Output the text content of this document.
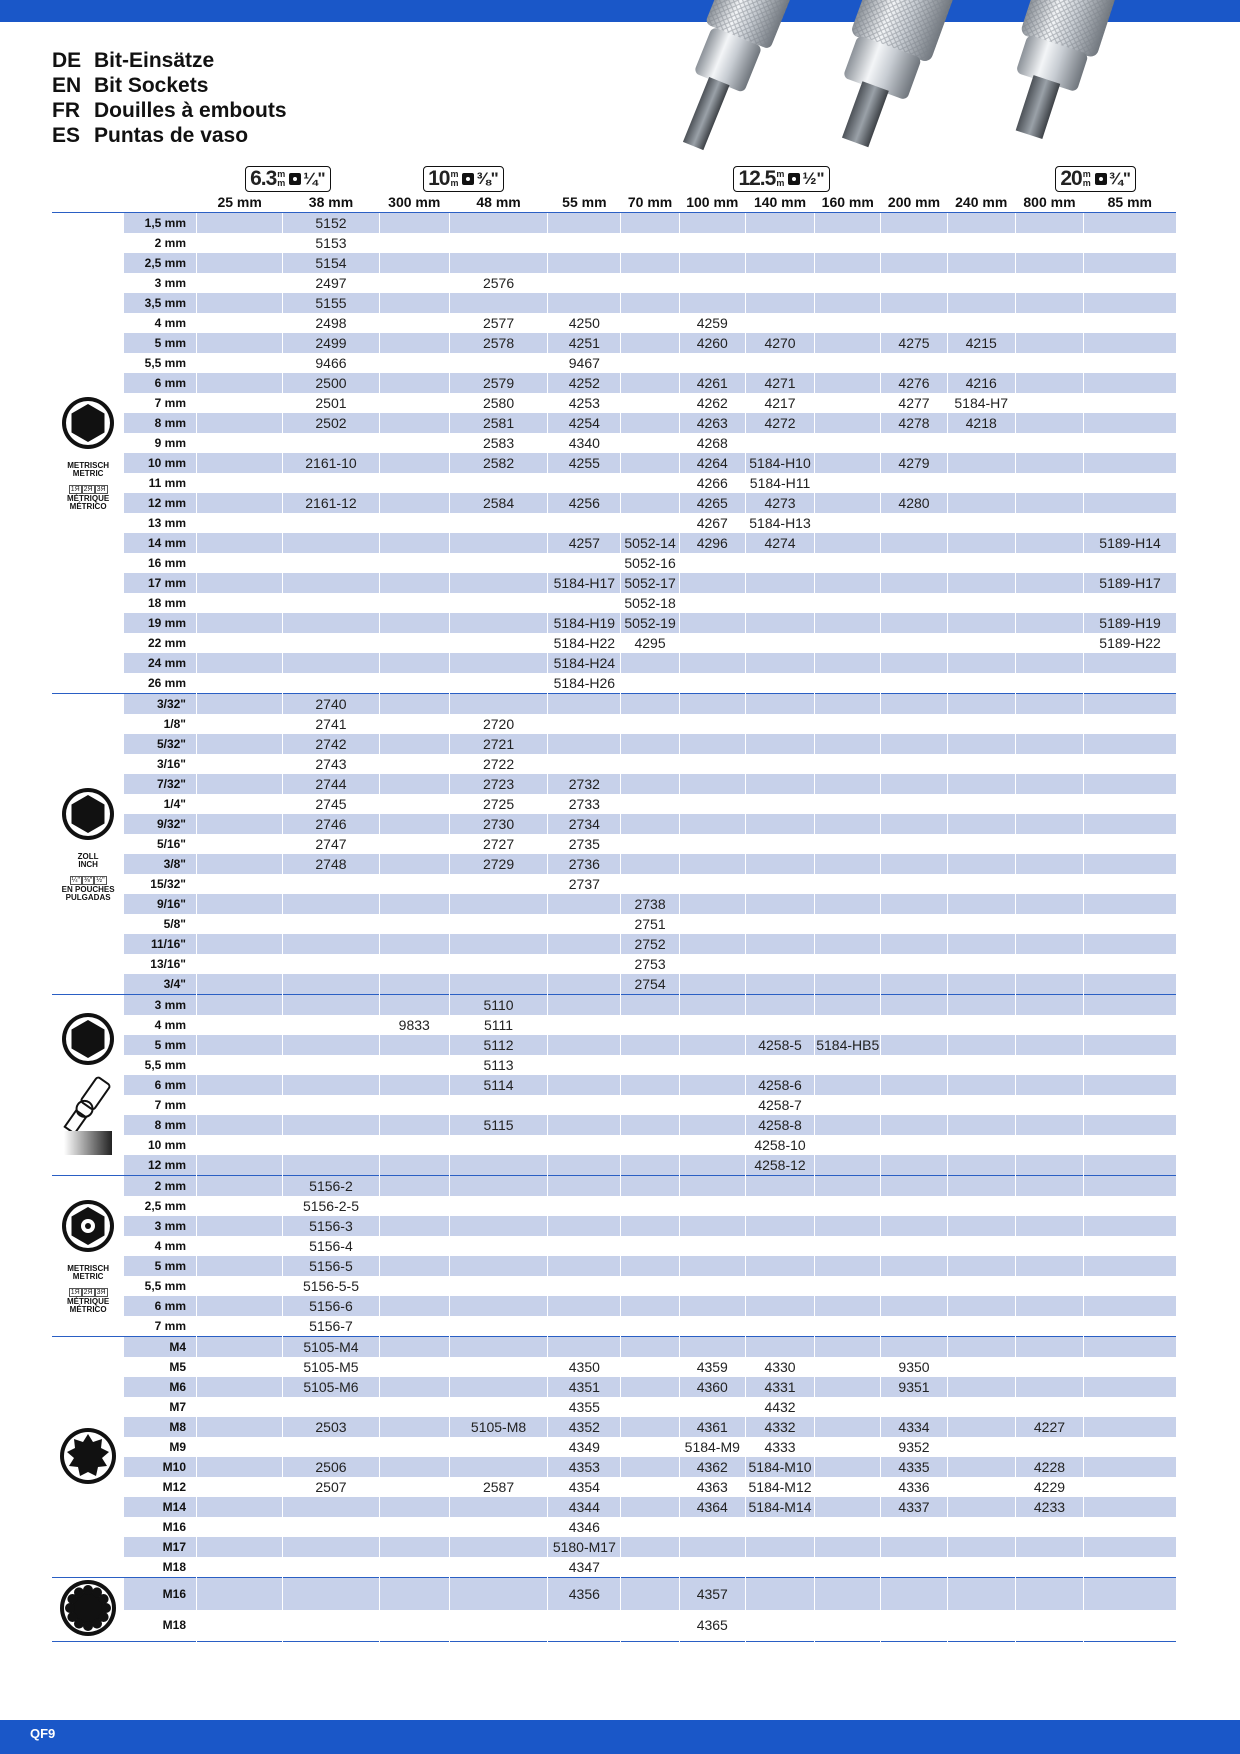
DE Bit-Einsätze
EN Bit Sockets
FR Douilles à embouts
ES Puntas de vaso

		6.3 m
m ¼"		10 m
m ⅜"		12.5 m
m ½"							20 m
m ¾"	

		25 mm	38 mm	300 mm	48 mm	55 mm	70 mm	100 mm	140 mm	160 mm	200 mm	240 mm	800 mm	85 mm

METRISCH
METRIC
1Я 2Я 3Я
MÉTRIQUE
MÉTRICO	1,5 mm		5152											
	2 mm		5153											
	2,5 mm		5154											
	3 mm		2497		2576									
	3,5 mm		5155											
	4 mm		2498		2577	4250		4259						
	5 mm		2499		2578	4251		4260	4270		4275	4215		
	5,5 mm		9466			9467								
	6 mm		2500		2579	4252		4261	4271		4276	4216		
	7 mm		2501		2580	4253		4262	4217		4277	5184-H7		
	8 mm		2502		2581	4254		4263	4272		4278	4218		
	9 mm				2583	4340		4268						
	10 mm		2161-10		2582	4255		4264	5184-H10		4279			
	11 mm							4266	5184-H11					
	12 mm		2161-12		2584	4256		4265	4273		4280			
	13 mm							4267	5184-H13					
	14 mm					4257	5052-14	4296	4274					5189-H14
	16 mm						5052-16							
	17 mm					5184-H17	5052-17							5189-H17
	18 mm						5052-18							
	19 mm					5184-H19	5052-19							5189-H19
	22 mm					5184-H22	4295							5189-H22
	24 mm					5184-H24								
	26 mm					5184-H26								

ZOLL
INCH
¼" ⅜" ½"
EN POUCHES
PULGADAS	3/32"		2740											
	1/8"		2741		2720									
	5/32"		2742		2721									
	3/16"		2743		2722									
	7/32"		2744		2723	2732								
	1/4"		2745		2725	2733								
	9/32"		2746		2730	2734								
	5/16"		2747		2727	2735								
	3/8"		2748		2729	2736								
	15/32"					2737								
	9/16"						2738							
	5/8"						2751							
	11/16"						2752							
	13/16"						2753							
	3/4"						2754							

	3 mm				5110									
	4 mm			9833	5111									
	5 mm				5112				4258-5	5184-HB5				
	5,5 mm				5113									
	6 mm				5114				4258-6					
	7 mm								4258-7					
	8 mm				5115				4258-8					
	10 mm								4258-10					
	12 mm								4258-12					

METRISCH
METRIC
1Я 2Я 3Я
MÉTRIQUE
MÉTRICO	2 mm		5156-2											
	2,5 mm		5156-2-5											
	3 mm		5156-3											
	4 mm		5156-4											
	5 mm		5156-5											
	5,5 mm		5156-5-5											
	6 mm		5156-6											
	7 mm		5156-7											

	M4		5105-M4											
	M5		5105-M5			4350		4359	4330		9350			
	M6		5105-M6			4351		4360	4331		9351			
	M7					4355			4432					
	M8		2503		5105-M8	4352		4361	4332		4334		4227	
	M9					4349		5184-M9	4333		9352			
	M10		2506			4353		4362	5184-M10		4335		4228	
	M12		2507		2587	4354		4363	5184-M12		4336		4229	
	M14					4344		4364	5184-M14		4337		4233	
	M16					4346								
	M17					5180-M17								
	M18					4347								

	M16					4356		4357						
	M18							4365						

QF9
